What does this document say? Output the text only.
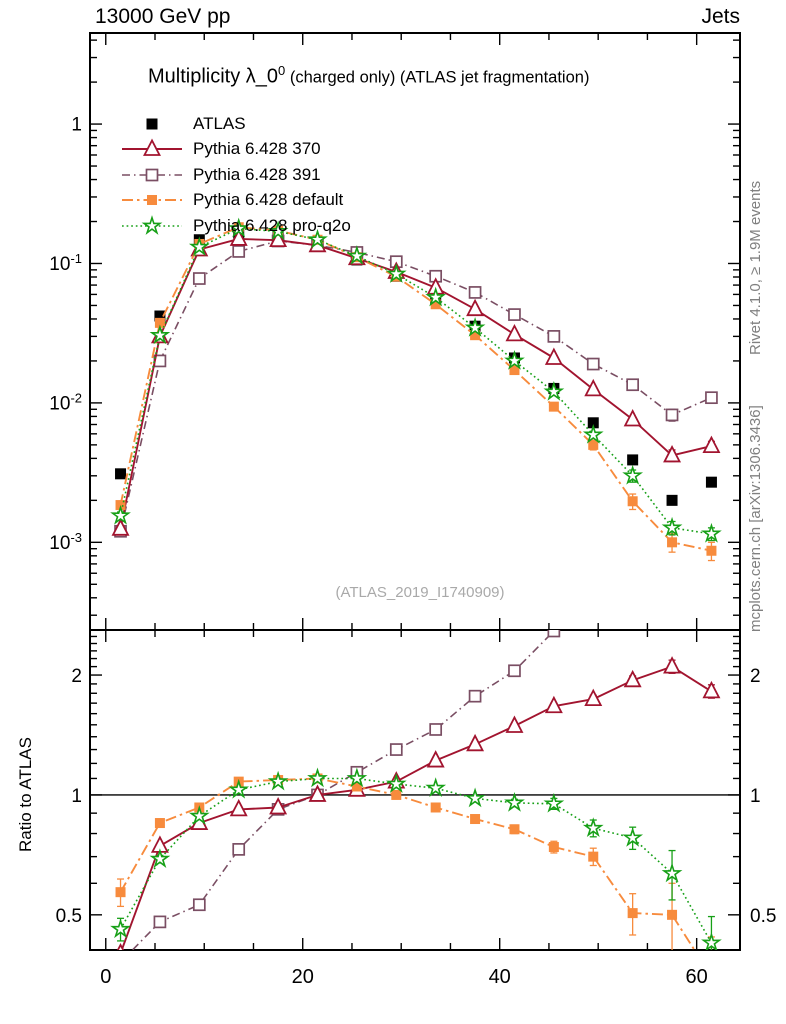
1
$10^{-1}$
$10^{-2}$
$10^{-3}$
2	2
1	1
0.5	0.5
0	20	40	60
13000 GeV pp	Jets
Multiplicity $\lambda\_0^0$ (charged only) (ATLAS jet fragmentation)
ATLAS
Pythia 6.428 370
Pythia 6.428 391
Pythia 6.428 default
Pythia 6.428 pro-q2o
(ATLAS_2019_I1740909)
Rivet 4.1.0, ≥ 1.9M events
mcplots.cern.ch [arXiv:1306.3436]
Ratio to ATLAS
